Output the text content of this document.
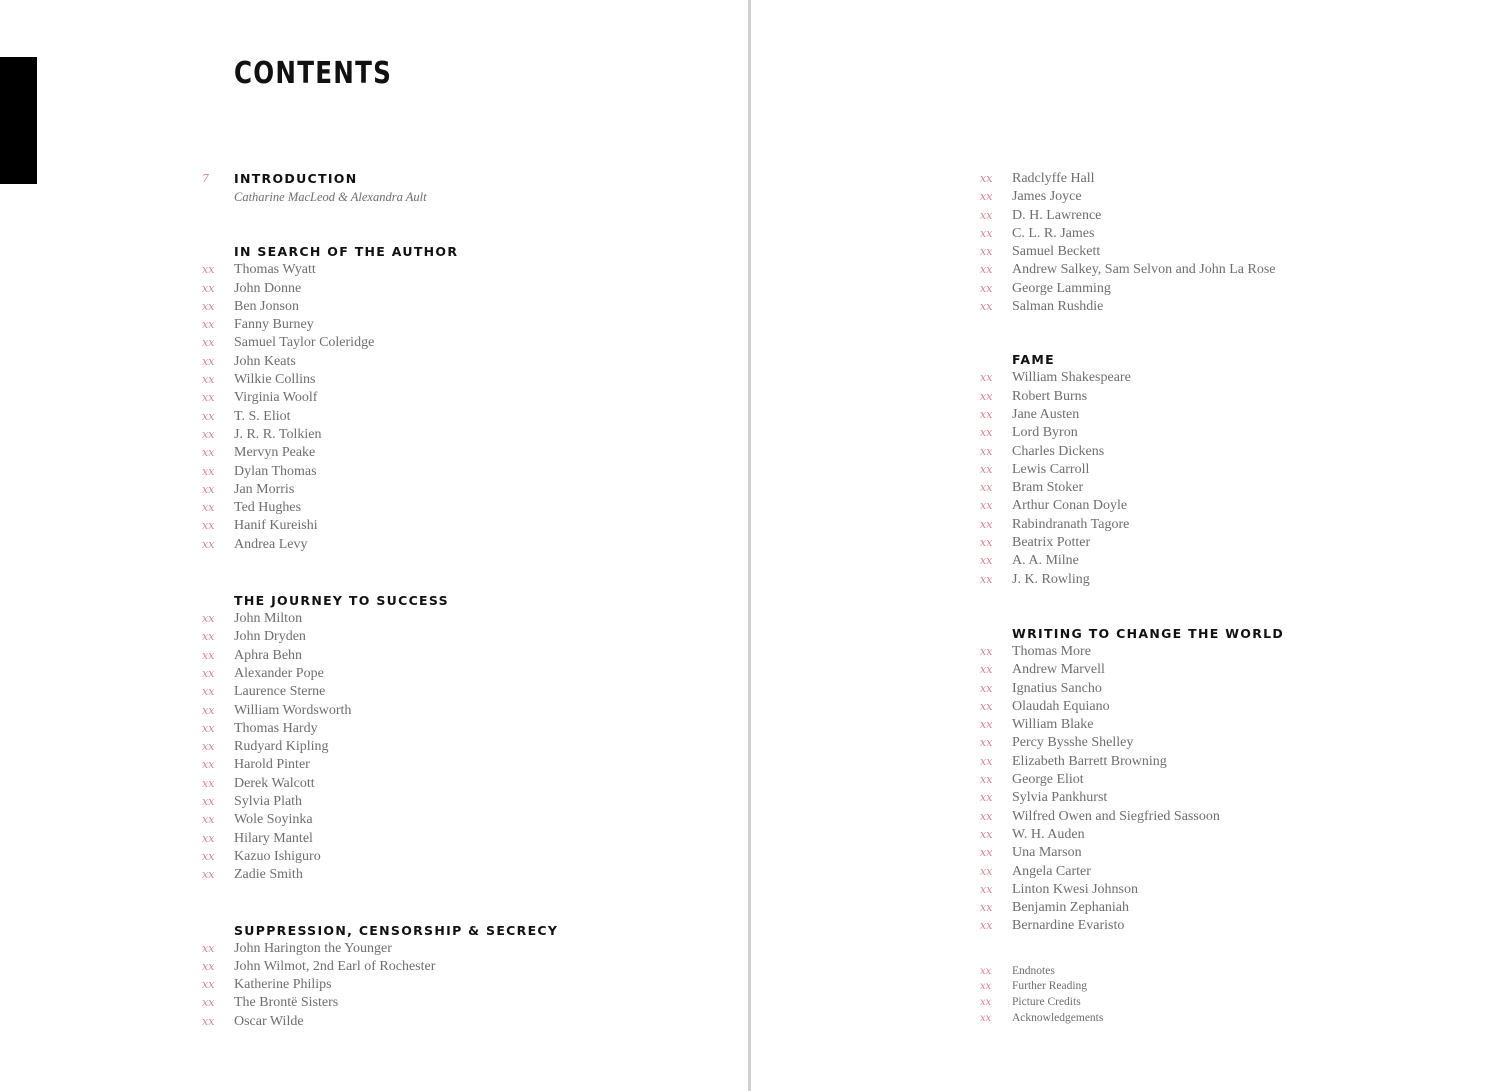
CONTENTS
7	INTRODUCTION
Catharine MacLeod & Alexandra Ault
IN SEARCH OF THE AUTHOR
xx	Thomas Wyatt
xx	John Donne
xx	Ben Jonson
xx	Fanny Burney
xx	Samuel Taylor Coleridge
xx	John Keats
xx	Wilkie Collins
xx	Virginia Woolf
xx	T. S. Eliot
xx	J. R. R. Tolkien
xx	Mervyn Peake
xx	Dylan Thomas
xx	Jan Morris
xx	Ted Hughes
xx	Hanif Kureishi
xx	Andrea Levy
THE JOURNEY TO SUCCESS
xx	John Milton
xx	John Dryden
xx	Aphra Behn
xx	Alexander Pope
xx	Laurence Sterne
xx	William Wordsworth
xx	Thomas Hardy
xx	Rudyard Kipling
xx	Harold Pinter
xx	Derek Walcott
xx	Sylvia Plath
xx	Wole Soyinka
xx	Hilary Mantel
xx	Kazuo Ishiguro
xx	Zadie Smith
SUPPRESSION, CENSORSHIP & SECRECY
xx	John Harington the Younger
xx	John Wilmot, 2nd Earl of Rochester
xx	Katherine Philips
xx	The Brontë Sisters
xx	Oscar Wilde
xx	Radclyffe Hall
xx	James Joyce
xx	D. H. Lawrence
xx	C. L. R. James
xx	Samuel Beckett
xx	Andrew Salkey, Sam Selvon and John La Rose
xx	George Lamming
xx	Salman Rushdie
FAME
xx	William Shakespeare
xx	Robert Burns
xx	Jane Austen
xx	Lord Byron
xx	Charles Dickens
xx	Lewis Carroll
xx	Bram Stoker
xx	Arthur Conan Doyle
xx	Rabindranath Tagore
xx	Beatrix Potter
xx	A. A. Milne
xx	J. K. Rowling
WRITING TO CHANGE THE WORLD
xx	Thomas More
xx	Andrew Marvell
xx	Ignatius Sancho
xx	Olaudah Equiano
xx	William Blake
xx	Percy Bysshe Shelley
xx	Elizabeth Barrett Browning
xx	George Eliot
xx	Sylvia Pankhurst
xx	Wilfred Owen and Siegfried Sassoon
xx	W. H. Auden
xx	Una Marson
xx	Angela Carter
xx	Linton Kwesi Johnson
xx	Benjamin Zephaniah
xx	Bernardine Evaristo
xx	Endnotes
xx	Further Reading
xx	Picture Credits
xx	Acknowledgements
